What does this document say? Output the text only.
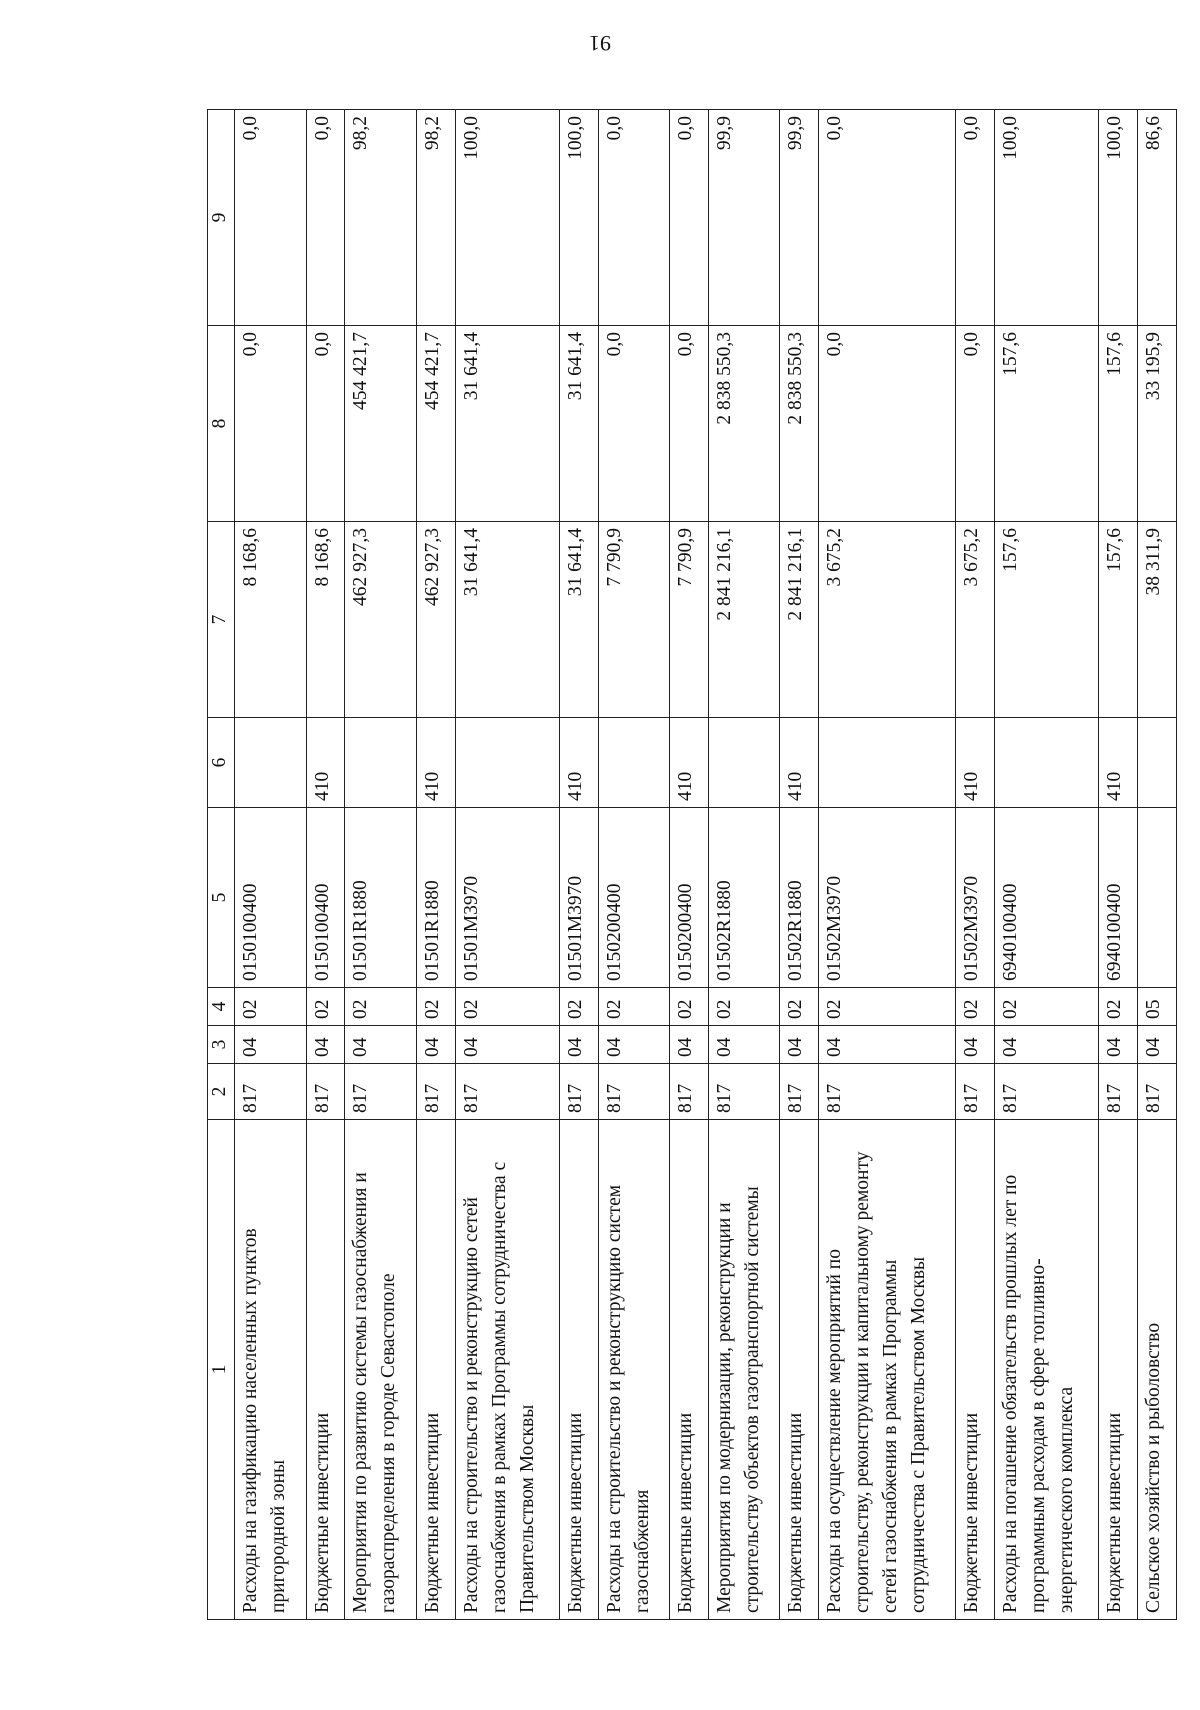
91
1	2	3	4	5	6	7	8	9
Расходы на газификацию населенных пунктов пригородной зоны	817	04	02	0150100400		8 168,6	0,0	0,0
Бюджетные инвестиции	817	04	02	0150100400	410	8 168,6	0,0	0,0
Мероприятия по развитию системы газоснабжения и газораспределения в городе Севастополе	817	04	02	01501R1880		462 927,3	454 421,7	98,2
Бюджетные инвестиции	817	04	02	01501R1880	410	462 927,3	454 421,7	98,2
Расходы на строительство и реконструкцию сетей газоснабжения в рамках Программы сотрудничества с Правительством Москвы	817	04	02	01501M3970		31 641,4	31 641,4	100,0
Бюджетные инвестиции	817	04	02	01501M3970	410	31 641,4	31 641,4	100,0
Расходы на строительство и реконструкцию систем газоснабжения	817	04	02	0150200400		7 790,9	0,0	0,0
Бюджетные инвестиции	817	04	02	0150200400	410	7 790,9	0,0	0,0
Мероприятия по модернизации, реконструкции и строительству объектов газотранспортной системы	817	04	02	01502R1880		2 841 216,1	2 838 550,3	99,9
Бюджетные инвестиции	817	04	02	01502R1880	410	2 841 216,1	2 838 550,3	99,9
Расходы на осуществление мероприятий по строительству, реконструкции и капитальному ремонту сетей газоснабжения в рамках Программы сотрудничества с Правительством Москвы	817	04	02	01502M3970		3 675,2	0,0	0,0
Бюджетные инвестиции	817	04	02	01502M3970	410	3 675,2	0,0	0,0
Расходы на погашение обязательств прошлых лет по программным расходам в сфере топливно-энергетического комплекса	817	04	02	6940100400		157,6	157,6	100,0
Бюджетные инвестиции	817	04	02	6940100400	410	157,6	157,6	100,0
Сельское хозяйство и рыболовство	817	04	05			38 311,9	33 195,9	86,6
